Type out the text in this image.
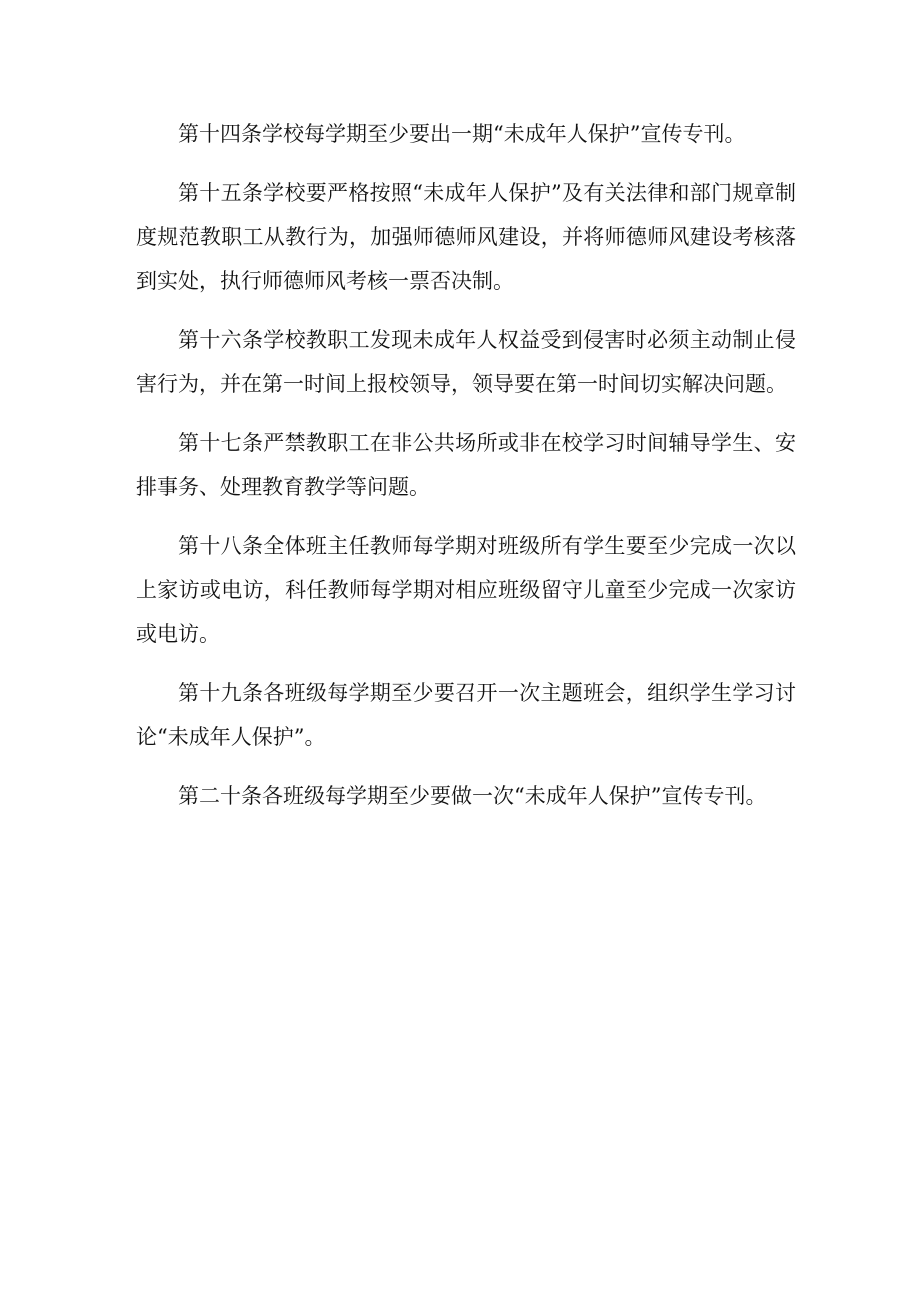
第十四条学校每学期至少要出一期“未成年人保护”宣传专刊。

第十五条学校要严格按照“未成年人保护”及有关法律和部门规章制度规范教职工从教行为，加强师德师风建设，并将师德师风建设考核落到实处，执行师德师风考核一票否决制。

第十六条学校教职工发现未成年人权益受到侵害时必须主动制止侵害行为，并在第一时间上报校领导，领导要在第一时间切实解决问题。

第十七条严禁教职工在非公共场所或非在校学习时间辅导学生、安排事务、处理教育教学等问题。

第十八条全体班主任教师每学期对班级所有学生要至少完成一次以上家访或电访，科任教师每学期对相应班级留守儿童至少完成一次家访或电访。

第十九条各班级每学期至少要召开一次主题班会，组织学生学习讨论“未成年人保护”。

第二十条各班级每学期至少要做一次“未成年人保护”宣传专刊。
